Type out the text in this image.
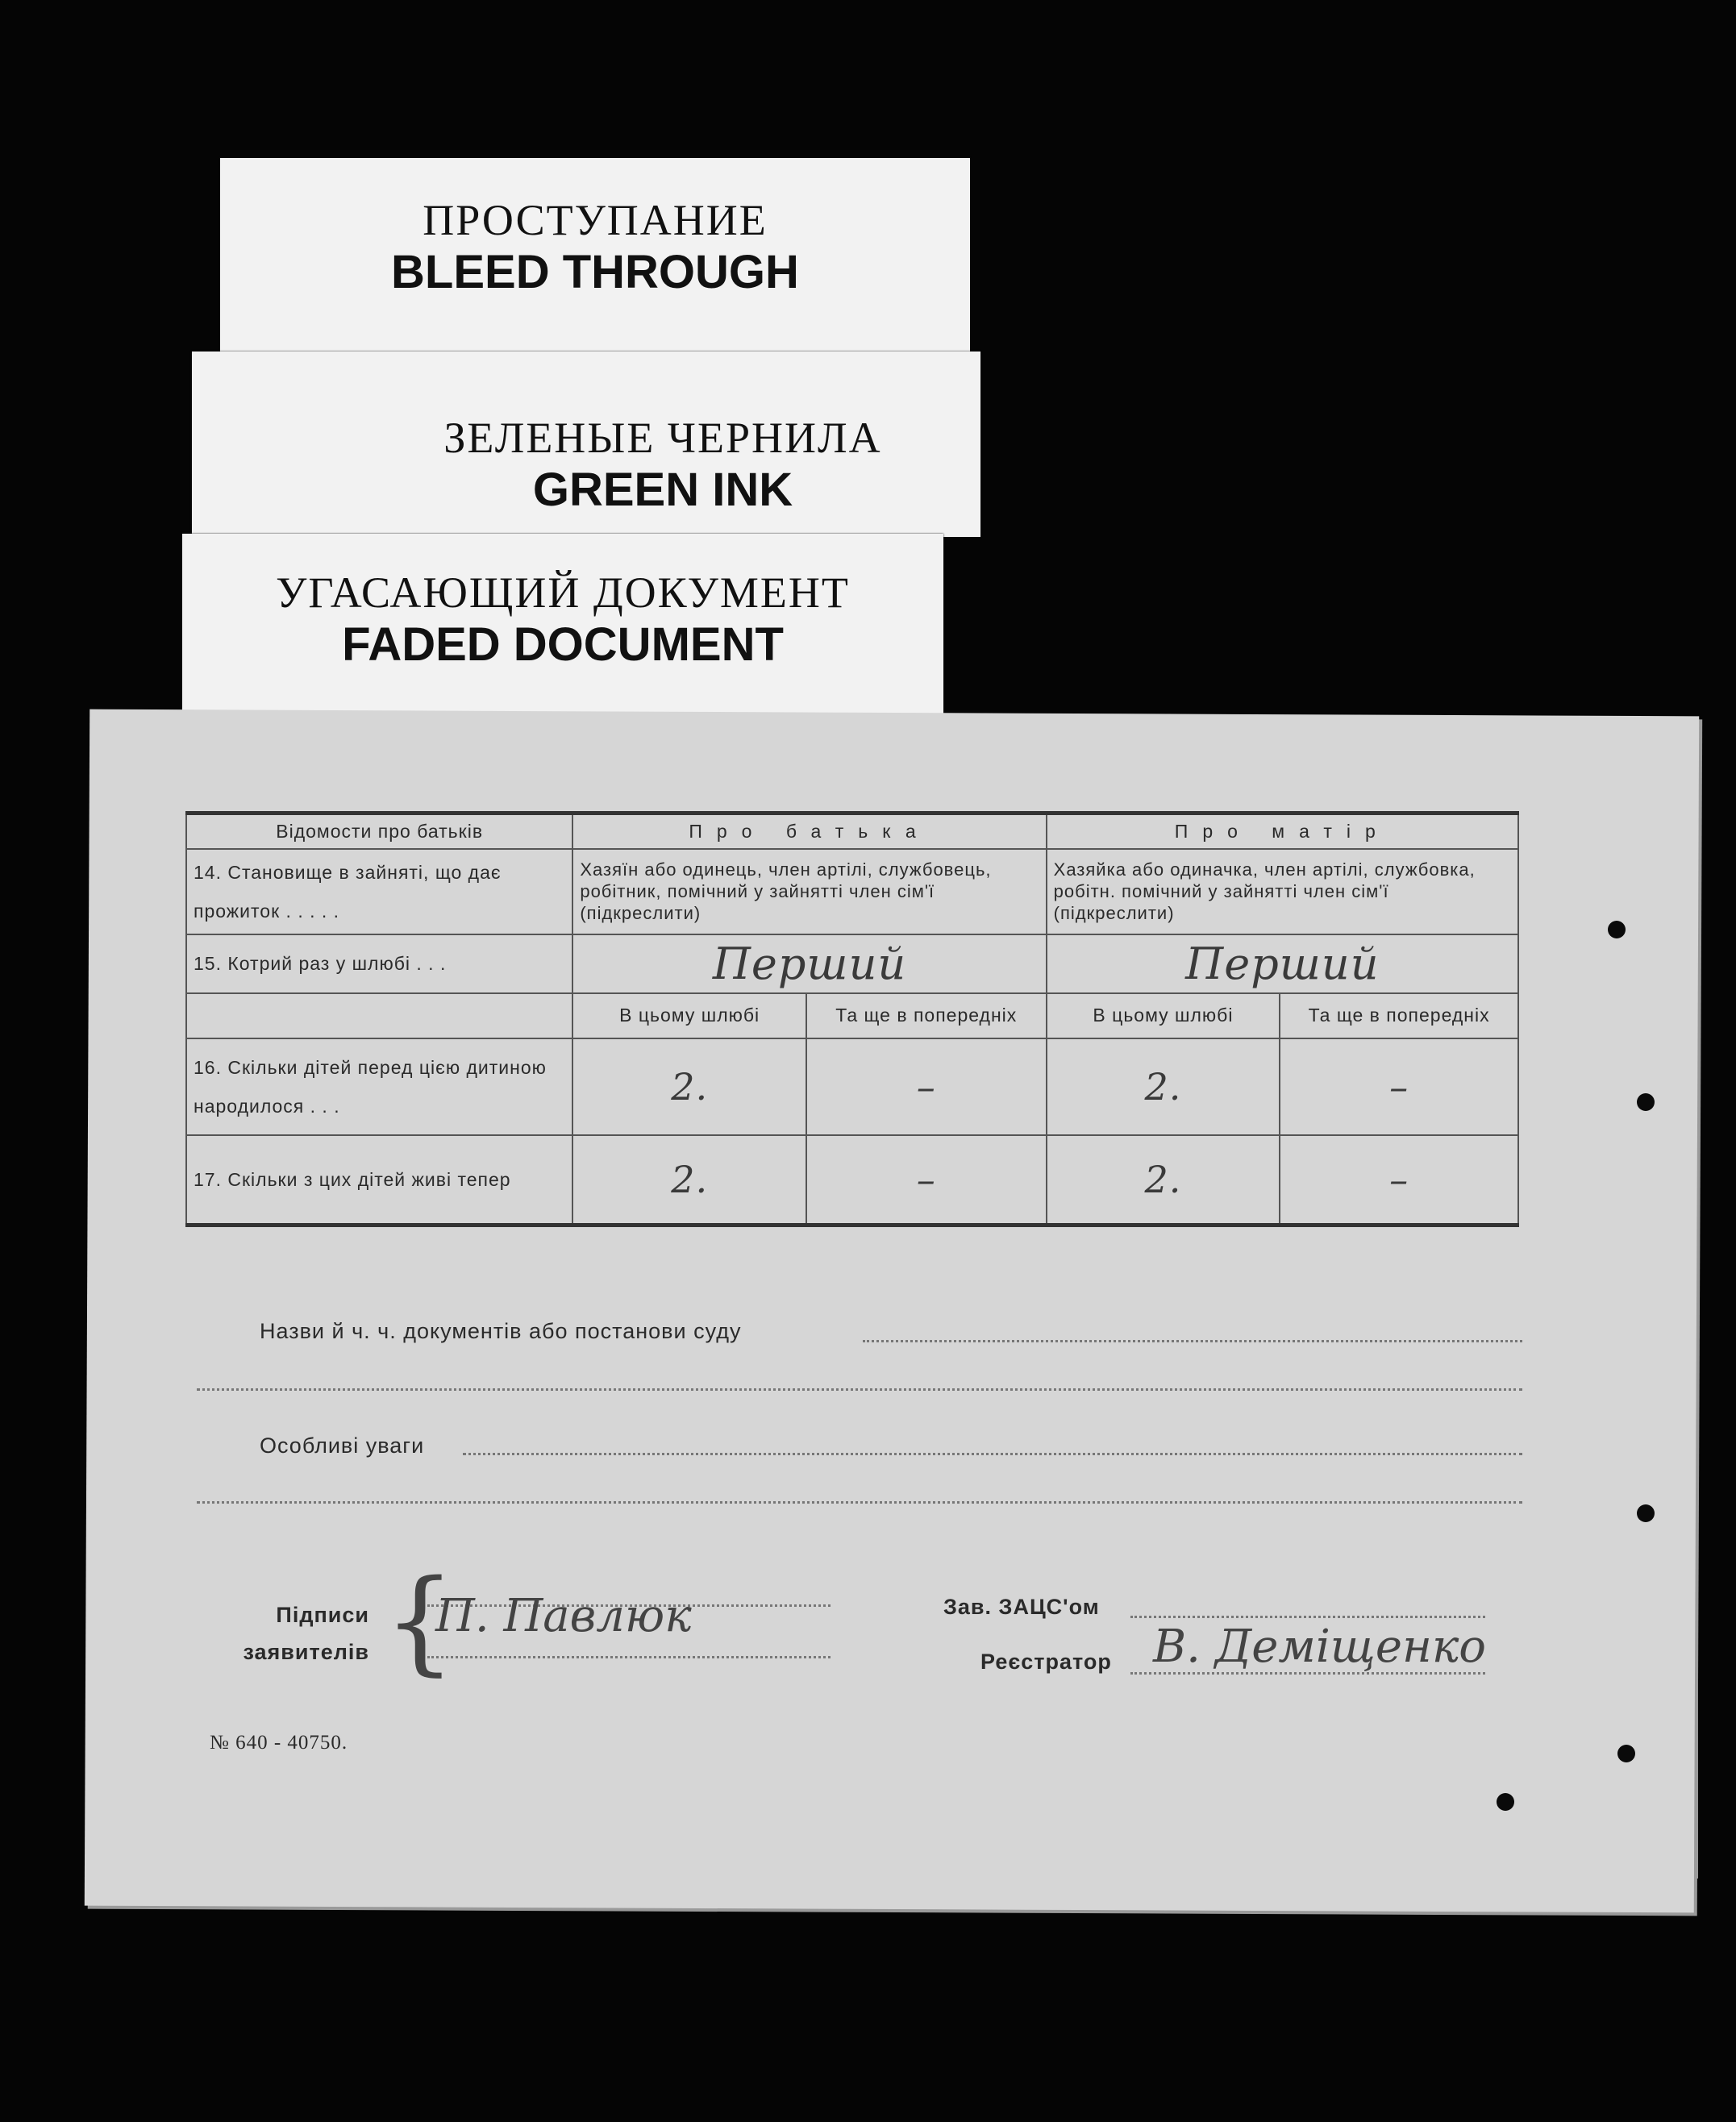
ПРОСТУПАНИЕ
BLEED THROUGH
ЗЕЛЕНЫЕ ЧЕРНИЛА
GREEN INK
УГАСАЮЩИЙ ДОКУМЕНТ
FADED DOCUMENT
Відомости про батьків	Про батька		Про матір	
14. Становище в зайняті, що дає прожиток . . . . .	Хазяїн або одинець, член артілі, службовець, робітник, помічний у зайнятті член сім'ї (підкреслити)		Хазяйка або одиначка, член артілі, службовка, робітн. помічний у зайнятті член сім'ї (підкреслити)	
15. Котрий раз у шлюбі . . .	Перший		Перший	
	В цьому шлюбі	Та ще в попередніх	В цьому шлюбі	Та ще в попередніх
16. Скільки дітей перед цією дитиною народилося . . .	2.	–	2.	–
17. Скільки з цих дітей живі тепер	2.	–	2.	–
Назви й ч. ч. документів або постанови суду
Особливі уваги
Підписи заявителів {
П. Павлюк	Зав. ЗАЦС'ом
Реєстратор В. Деміщенко
№ 640 - 40750.
